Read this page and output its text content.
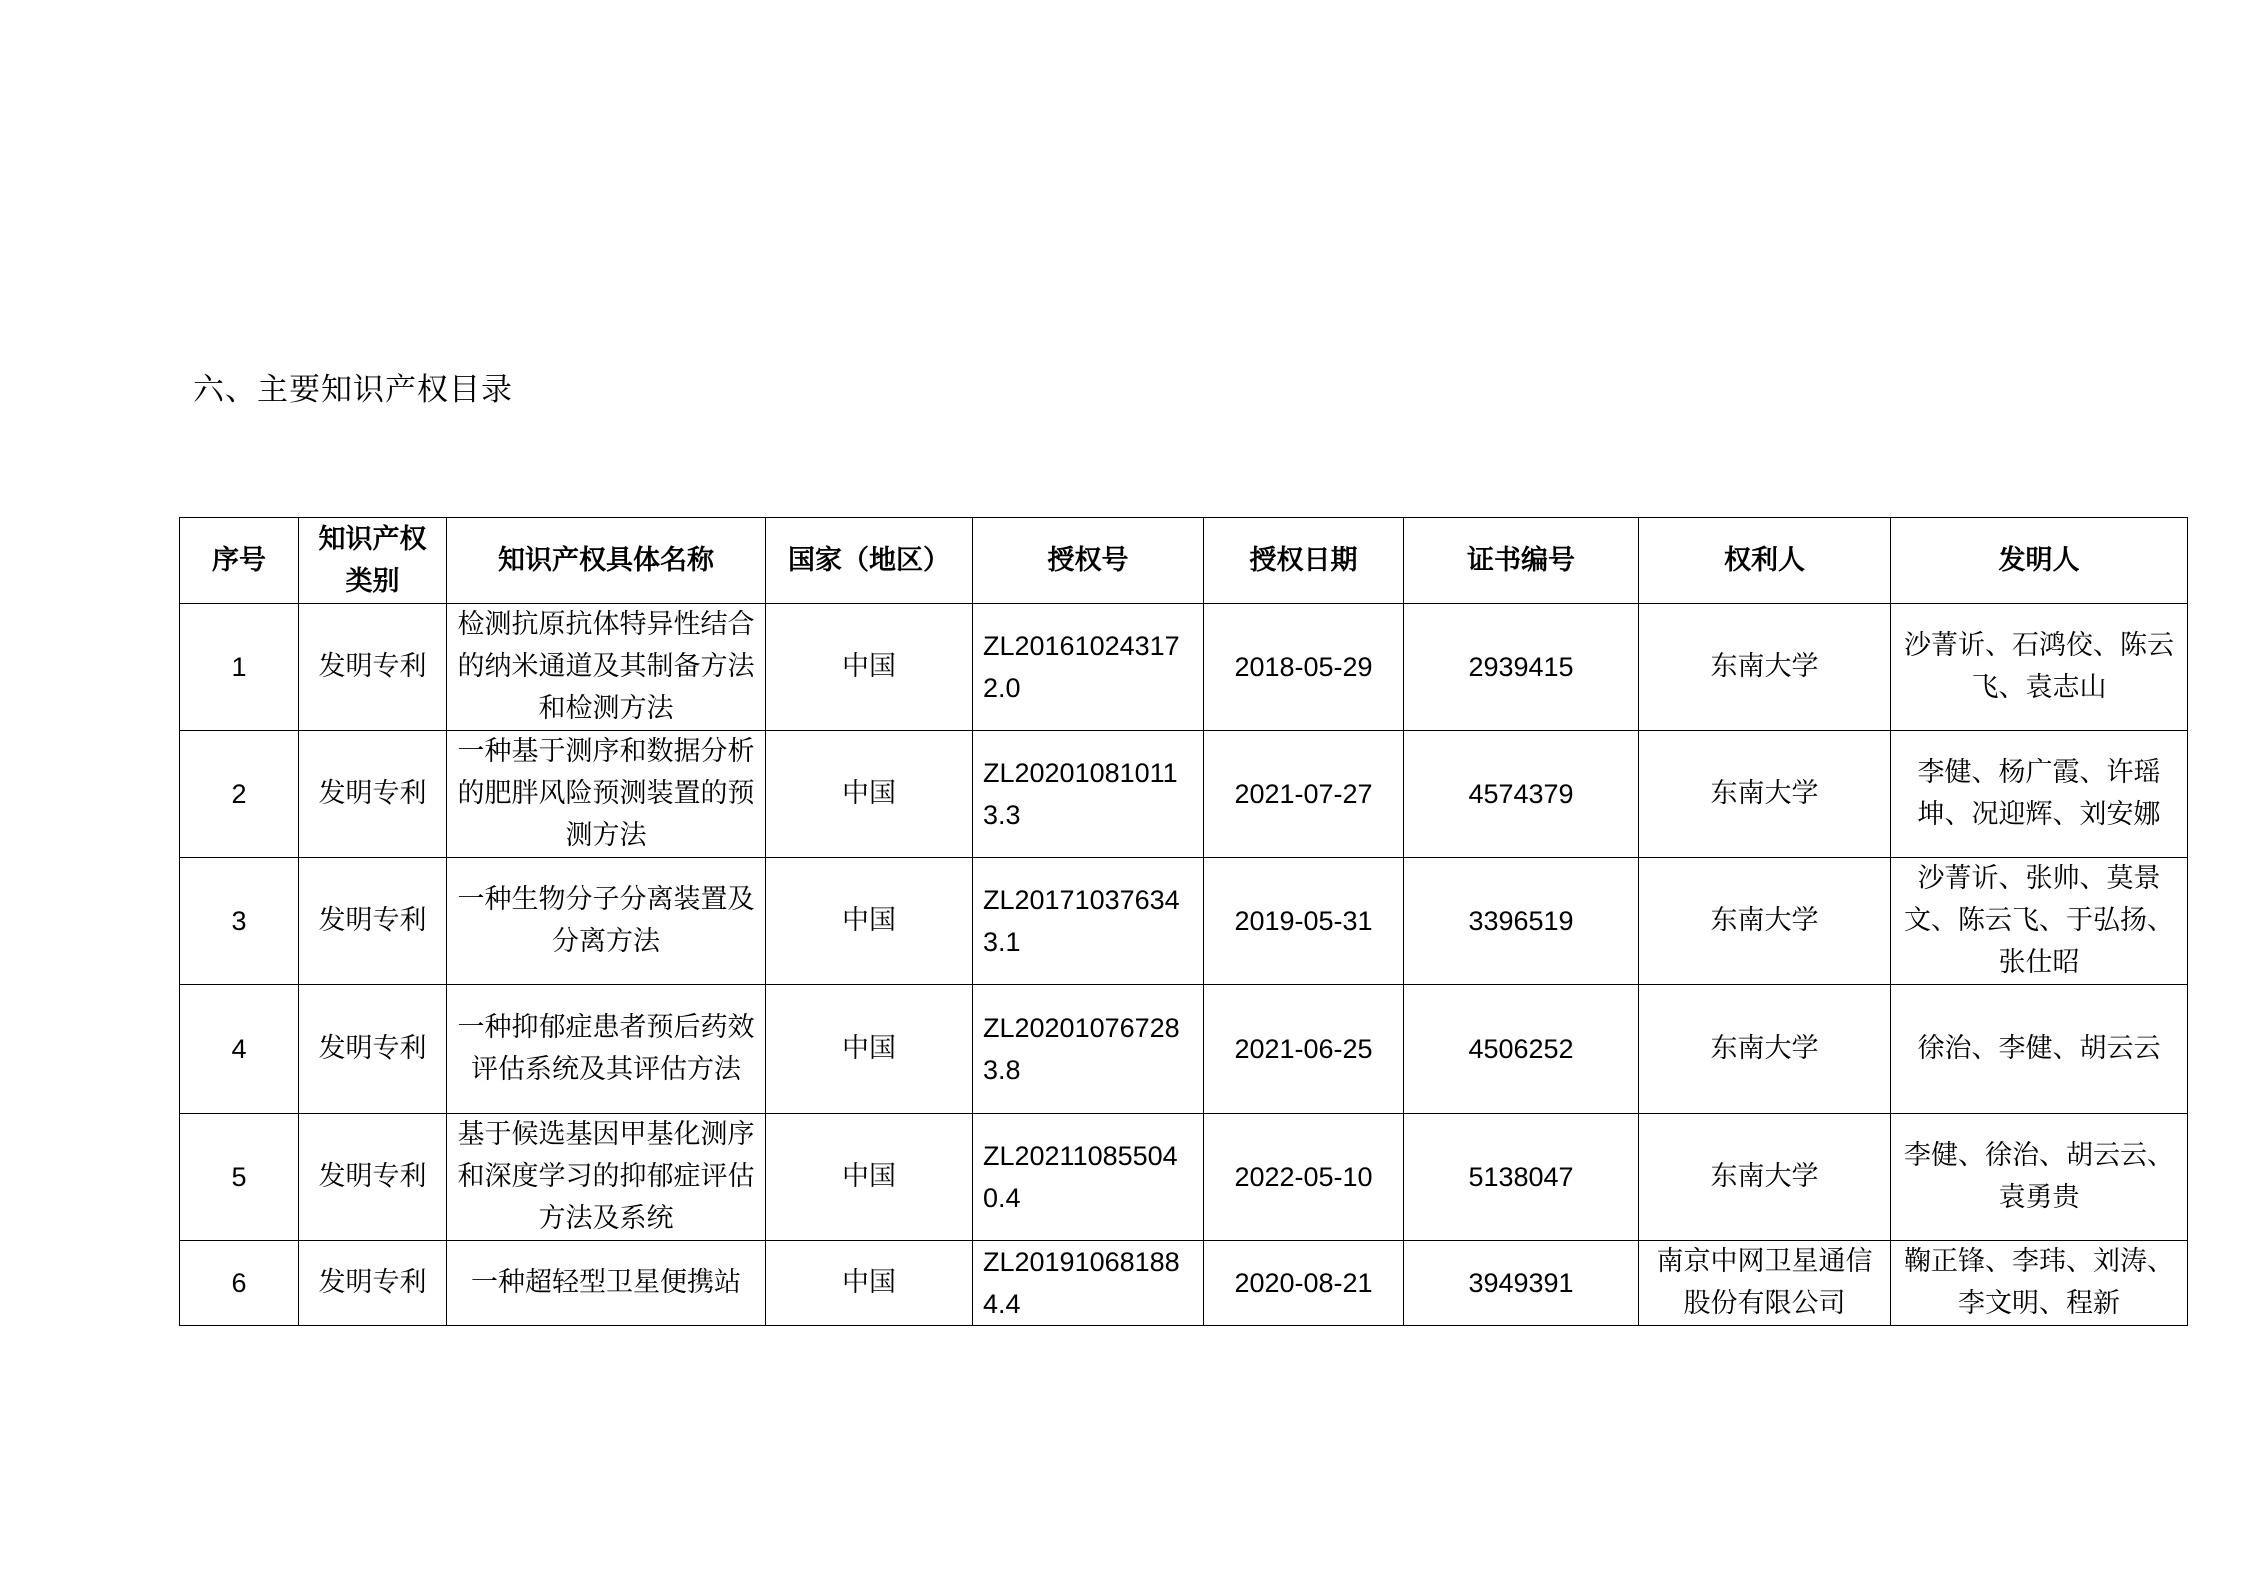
六、主要知识产权目录
序号	知识产权类别	知识产权具体名称	国家（地区）	授权号	授权日期	证书编号	权利人	发明人
1	发明专利	检测抗原抗体特异性结合的纳米通道及其制备方法和检测方法	中国	ZL201610243172.0	2018-05-29	2939415	东南大学	沙菁䜣、石鸿佼、陈云飞、袁志山
2	发明专利	一种基于测序和数据分析的肥胖风险预测装置的预测方法	中国	ZL202010810113.3	2021-07-27	4574379	东南大学	李健、杨广霞、许瑶坤、况迎辉、刘安娜
3	发明专利	一种生物分子分离装置及分离方法	中国	ZL201710376343.1	2019-05-31	3396519	东南大学	沙菁䜣、张帅、莫景文、陈云飞、于弘扬、张仕昭
4	发明专利	一种抑郁症患者预后药效评估系统及其评估方法	中国	ZL202010767283.8	2021-06-25	4506252	东南大学	徐治、李健、胡云云
5	发明专利	基于候选基因甲基化测序和深度学习的抑郁症评估方法及系统	中国	ZL202110855040.4	2022-05-10	5138047	东南大学	李健、徐治、胡云云、袁勇贵
6	发明专利	一种超轻型卫星便携站	中国	ZL201910681884.4	2020-08-21	3949391	南京中网卫星通信股份有限公司	鞠正锋、李玮、刘涛、李文明、程新
